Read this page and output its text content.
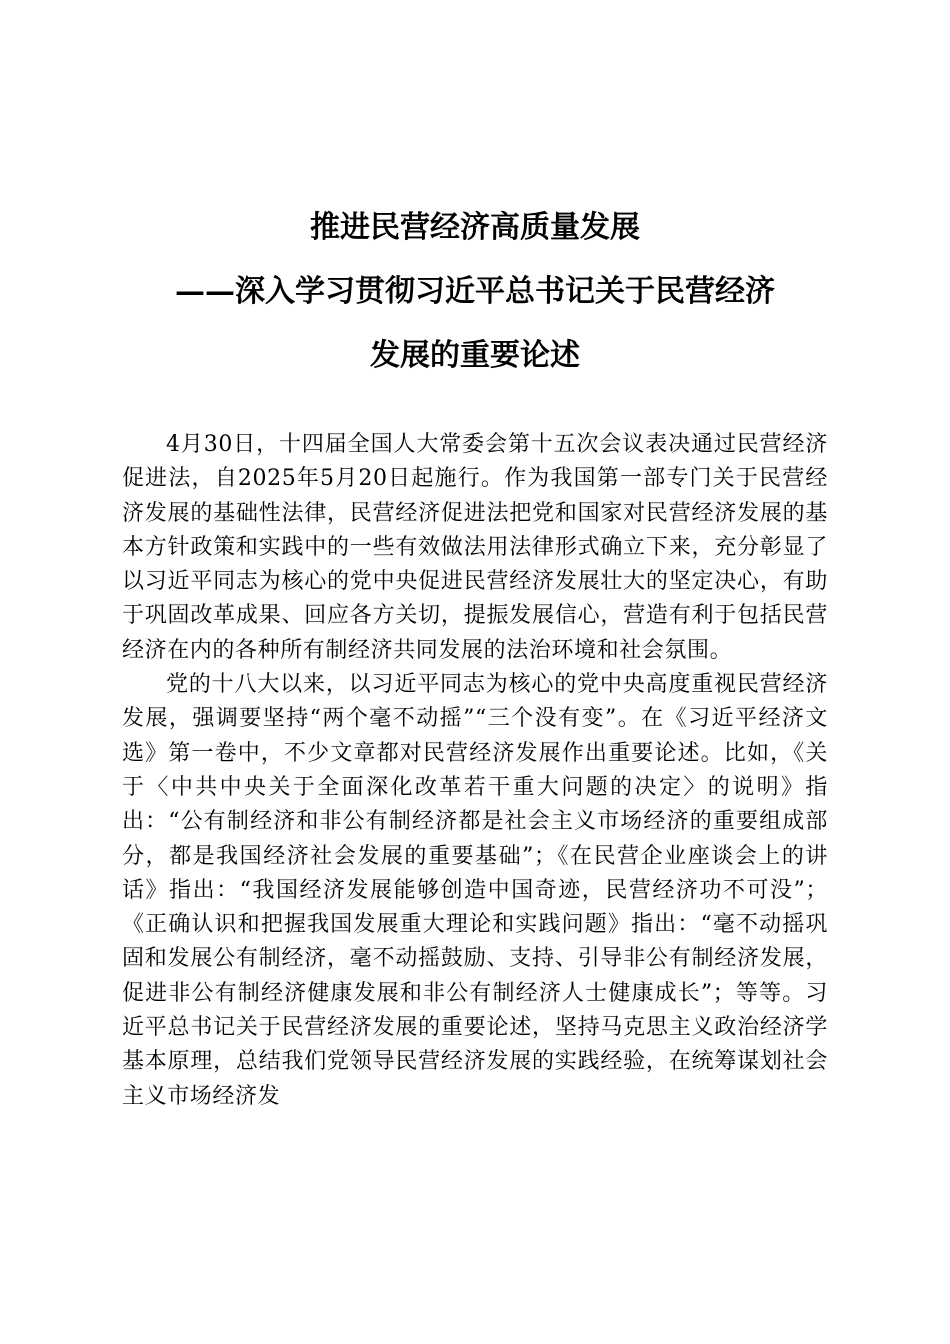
推进民营经济高质量发展
——深入学习贯彻习近平总书记关于民营经济
发展的重要论述

4月30日，十四届全国人大常委会第十五次会议表决通过民营经济促进法，自2025年5月20日起施行。作为我国第一部专门关于民营经济发展的基础性法律，民营经济促进法把党和国家对民营经济发展的基本方针政策和实践中的一些有效做法用法律形式确立下来，充分彰显了以习近平同志为核心的党中央促进民营经济发展壮大的坚定决心，有助于巩固改革成果、回应各方关切，提振发展信心，营造有利于包括民营经济在内的各种所有制经济共同发展的法治环境和社会氛围。

党的十八大以来，以习近平同志为核心的党中央高度重视民营经济发展，强调要坚持“两个毫不动摇”“三个没有变”。在《习近平经济文选》第一卷中，不少文章都对民营经济发展作出重要论述。比如，《关于〈中共中央关于全面深化改革若干重大问题的决定〉的说明》指出：“公有制经济和非公有制经济都是社会主义市场经济的重要组成部分，都是我国经济社会发展的重要基础”；《在民营企业座谈会上的讲话》指出：“我国经济发展能够创造中国奇迹，民营经济功不可没”；《正确认识和把握我国发展重大理论和实践问题》指出：“毫不动摇巩固和发展公有制经济，毫不动摇鼓励、支持、引导非公有制经济发展，促进非公有制经济健康发展和非公有制经济人士健康成长”；等等。习近平总书记关于民营经济发展的重要论述，坚持马克思主义政治经济学基本原理，总结我们党领导民营经济发展的实践经验，在统筹谋划社会主义市场经济发
